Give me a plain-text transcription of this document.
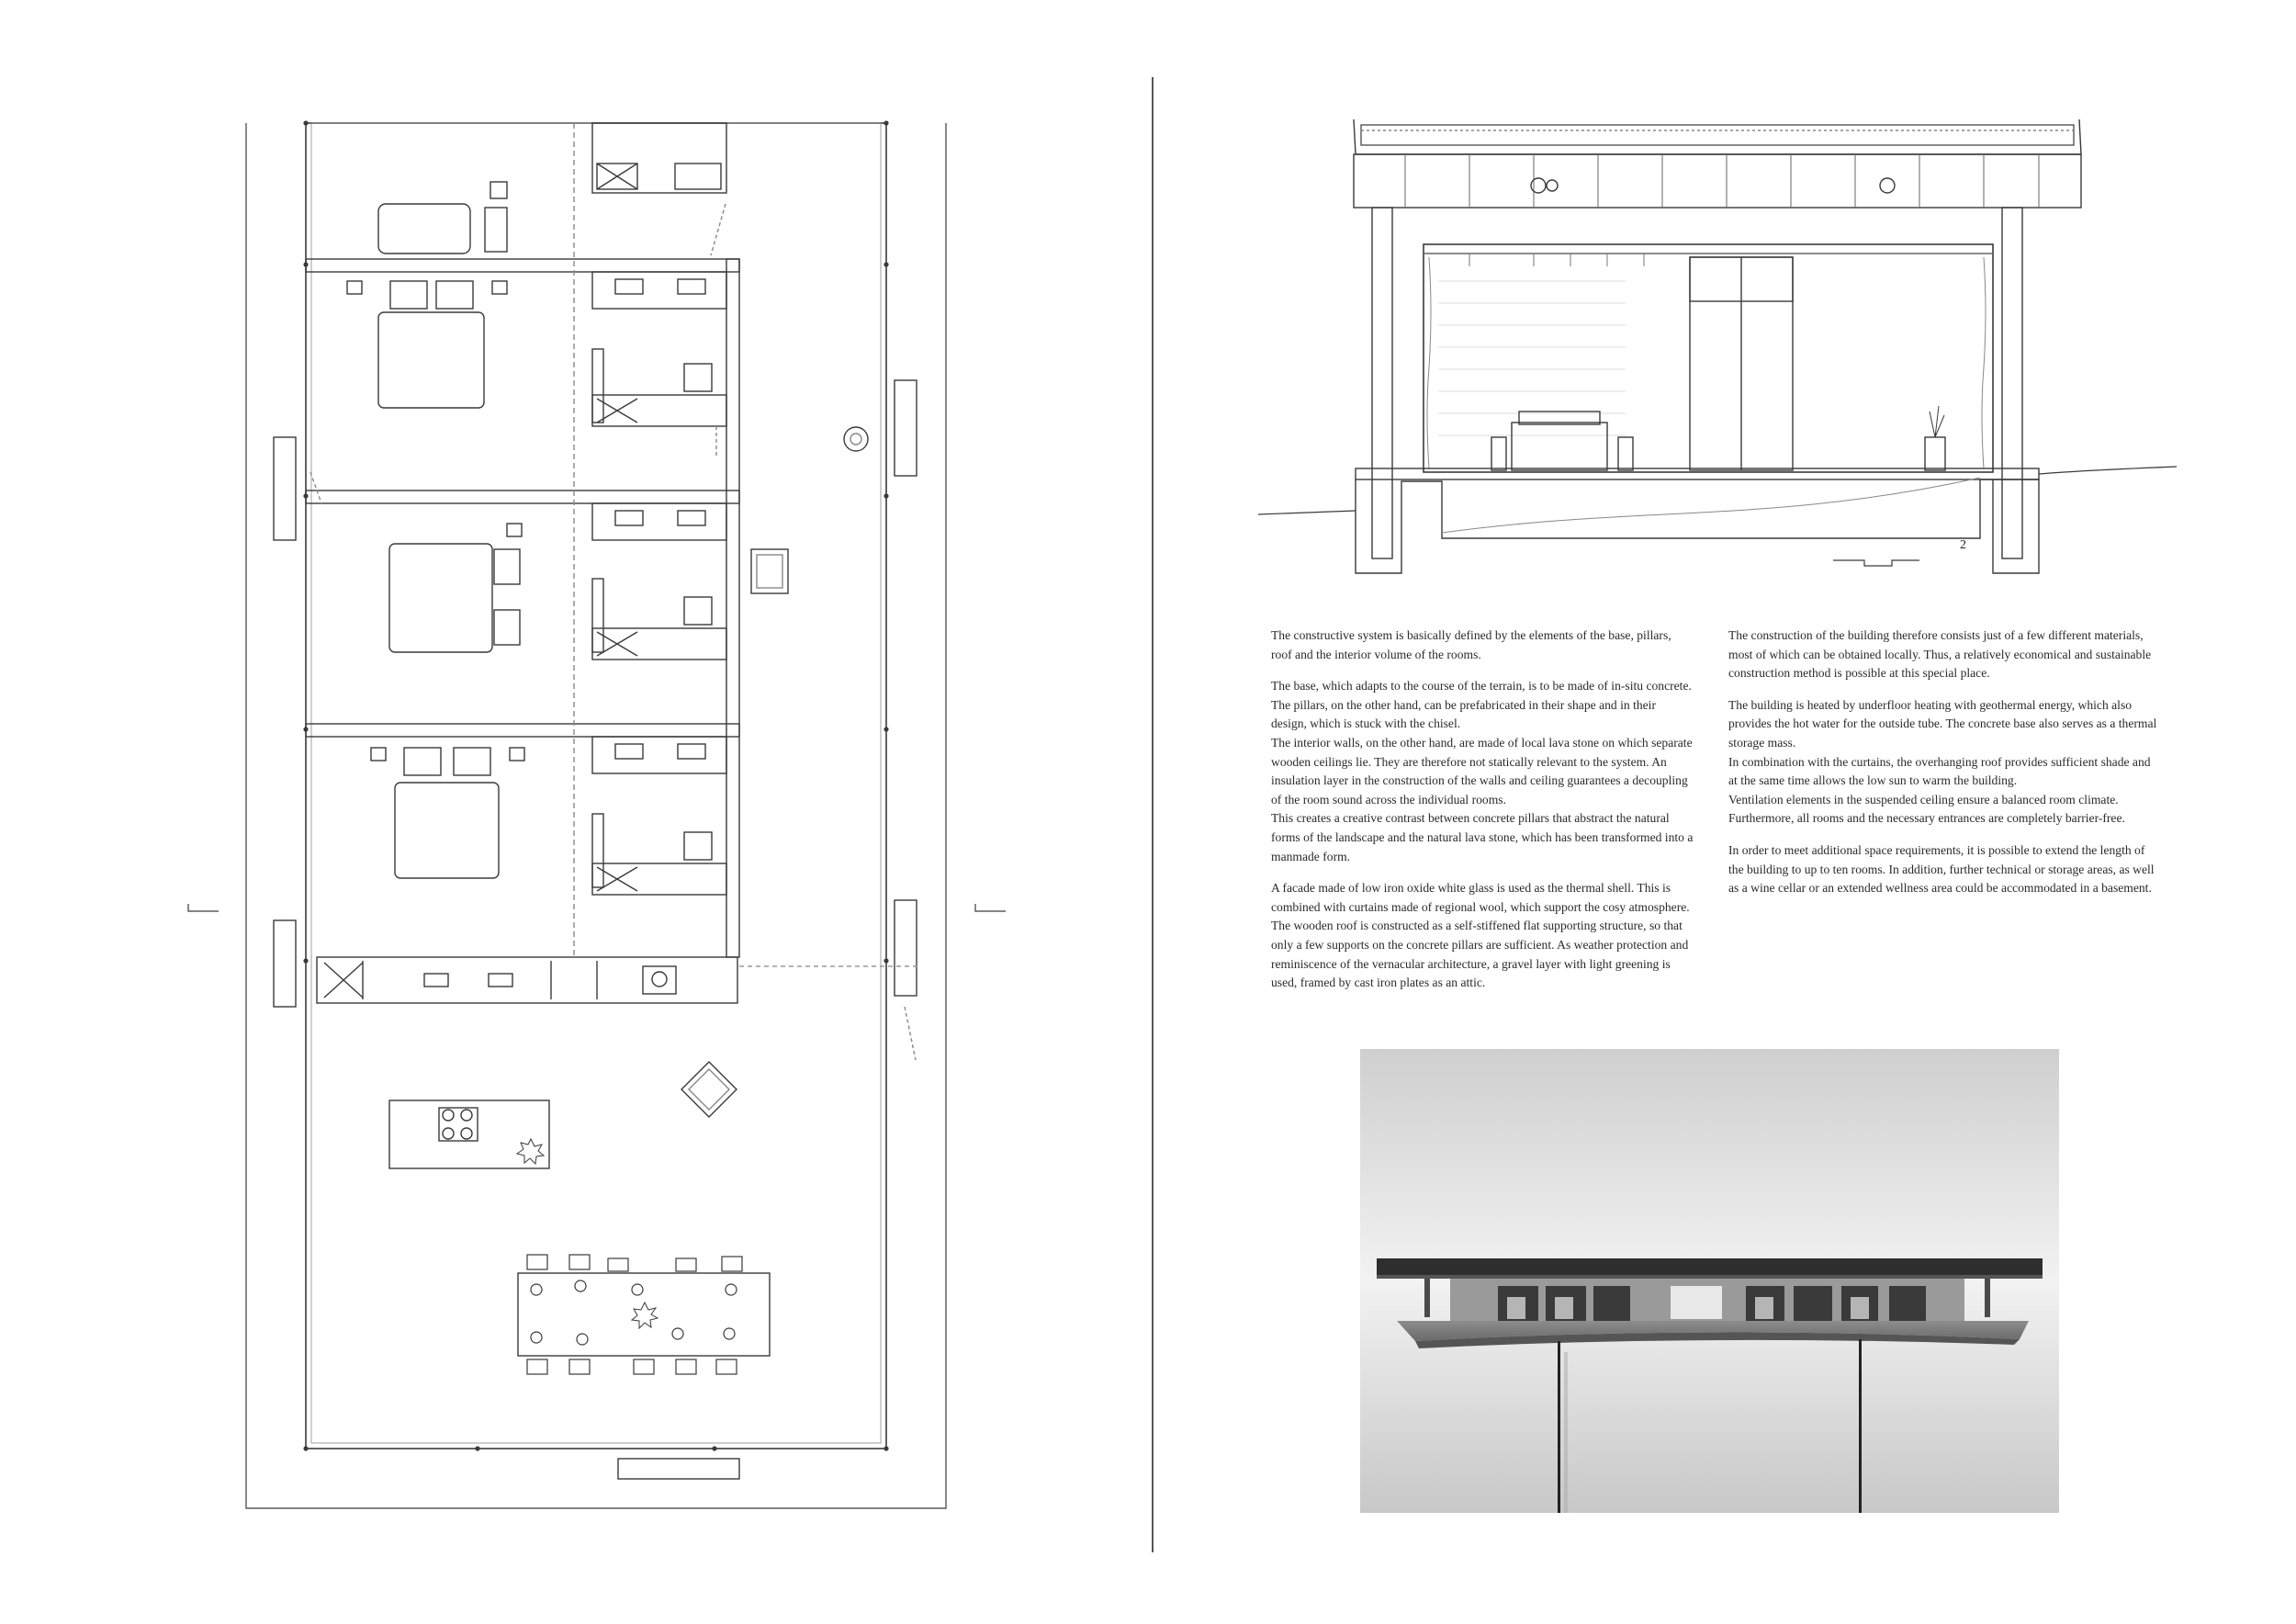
2

The constructive system is basically defined by the elements of the base, pillars, roof and the interior volume of the rooms.

The base, which adapts to the course of the terrain, is to be made of in-situ concrete. The pillars, on the other hand, can be prefabricated in their shape and in their design, which is stuck with the chisel.
The interior walls, on the other hand, are made of local lava stone on which separate wooden ceilings lie. They are therefore not statically relevant to the system. An insulation layer in the construction of the walls and ceiling guarantees a decoupling of the room sound across the individual rooms.
This creates a creative contrast between concrete pillars that abstract the natural forms of the landscape and the natural lava stone, which has been transformed into a manmade form.

A facade made of low iron oxide white glass is used as the thermal shell. This is combined with curtains made of regional wool, which support the cosy atmosphere. The wooden roof is constructed as a self-stiffened flat supporting structure, so that only a few supports on the concrete pillars are sufficient. As weather protection and reminiscence of the vernacular architecture, a gravel layer with light greening is used, framed by cast iron plates as an attic.

The construction of the building therefore consists just of a few different materials, most of which can be obtained locally. Thus, a relatively economical and sustainable construction method is possible at this special place.

The building is heated by underfloor heating with geothermal energy, which also provides the hot water for the outside tube. The concrete base also serves as a thermal storage mass.
In combination with the curtains, the overhanging roof provides sufficient shade and at the same time allows the low sun to warm the building.
Ventilation elements in the suspended ceiling ensure a balanced room climate.
Furthermore, all rooms and the necessary entrances are completely barrier-free.

In order to meet additional space requirements, it is possible to extend the length of the building to up to ten rooms. In addition, further technical or storage areas, as well as a wine cellar or an extended wellness area could be accommodated in a basement.
